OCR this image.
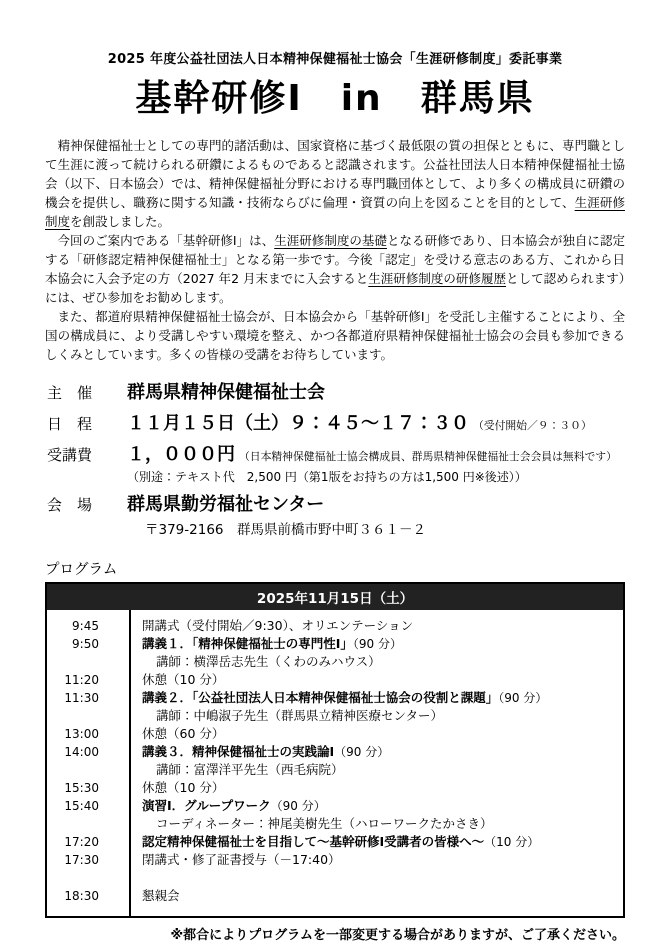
2025 年度公益社団法人日本精神保健福祉士協会「生涯研修制度」委託事業
基幹研修Ⅰ　in　群馬県

　精神保健福祉士としての専門的諸活動は、国家資格に基づく最低限の質の担保とともに、専門職として生涯に渡って続けられる研鑽によるものであると認識されます。公益社団法人日本精神保健福祉士協会（以下、日本協会）では、精神保健福祉分野における専門職団体として、より多くの構成員に研鑽の機会を提供し、職務に関する知識・技術ならびに倫理・資質の向上を図ることを目的として、生涯研修制度を創設しました。

　今回のご案内である「基幹研修Ⅰ」は、生涯研修制度の基礎となる研修であり、日本協会が独自に認定する「研修認定精神保健福祉士」となる第一歩です。今後「認定」を受ける意志のある方、これから日本協会に入会予定の方（2027 年2 月末までに入会すると生涯研修制度の研修履歴として認められます）には、ぜひ参加をお勧めします。

　また、都道府県精神保健福祉士協会が、日本協会から「基幹研修Ⅰ」を受託し主催することにより、全国の構成員に、より受講しやすい環境を整え、かつ各都道府県精神保健福祉士協会の会員も参加できるしくみとしています。多くの皆様の受講をお待ちしています。

主　催	群馬県精神保健福祉士会
日　程	１１月１５日（土）９：４５～１７：３０ （受付開始／９：３０）
受講費	１，０００円 （日本精神保健福祉士協会構成員、群馬県精神保健福祉士会会員は無料です）
（別途：テキスト代　2,500 円（第1版をお持ちの方は1,500 円※後述））
会　場	群馬県勤労福祉センター
〒379-2166　群馬県前橋市野中町３６１－２
プログラム
2025年11月15日（土）
9:45	開講式（受付開始／9:30）、オリエンテーション
9:50	講義１．「精神保健福祉士の専門性Ⅰ」（90 分）
講師：横澤岳志先生（くわのみハウス）
11:20	休憩（10 分）
11:30	講義２．「公益社団法人日本精神保健福祉士協会の役割と課題」（90 分）
講師：中嶋淑子先生（群馬県立精神医療センター）
13:00	休憩（60 分）
14:00	講義３．精神保健福祉士の実践論Ⅰ（90 分）
講師：富澤洋平先生（西毛病院）
15:30	休憩（10 分）
15:40	演習Ⅰ．グループワーク（90 分）
コーディネーター：神尾美樹先生（ハローワークたかさき）
17:20	認定精神保健福祉士を目指して～基幹研修Ⅰ受講者の皆様へ～（10 分）
17:30	閉講式・修了証書授与（－17:40）
18:30	懇親会
※都合によりプログラムを一部変更する場合がありますが、ご了承ください。
